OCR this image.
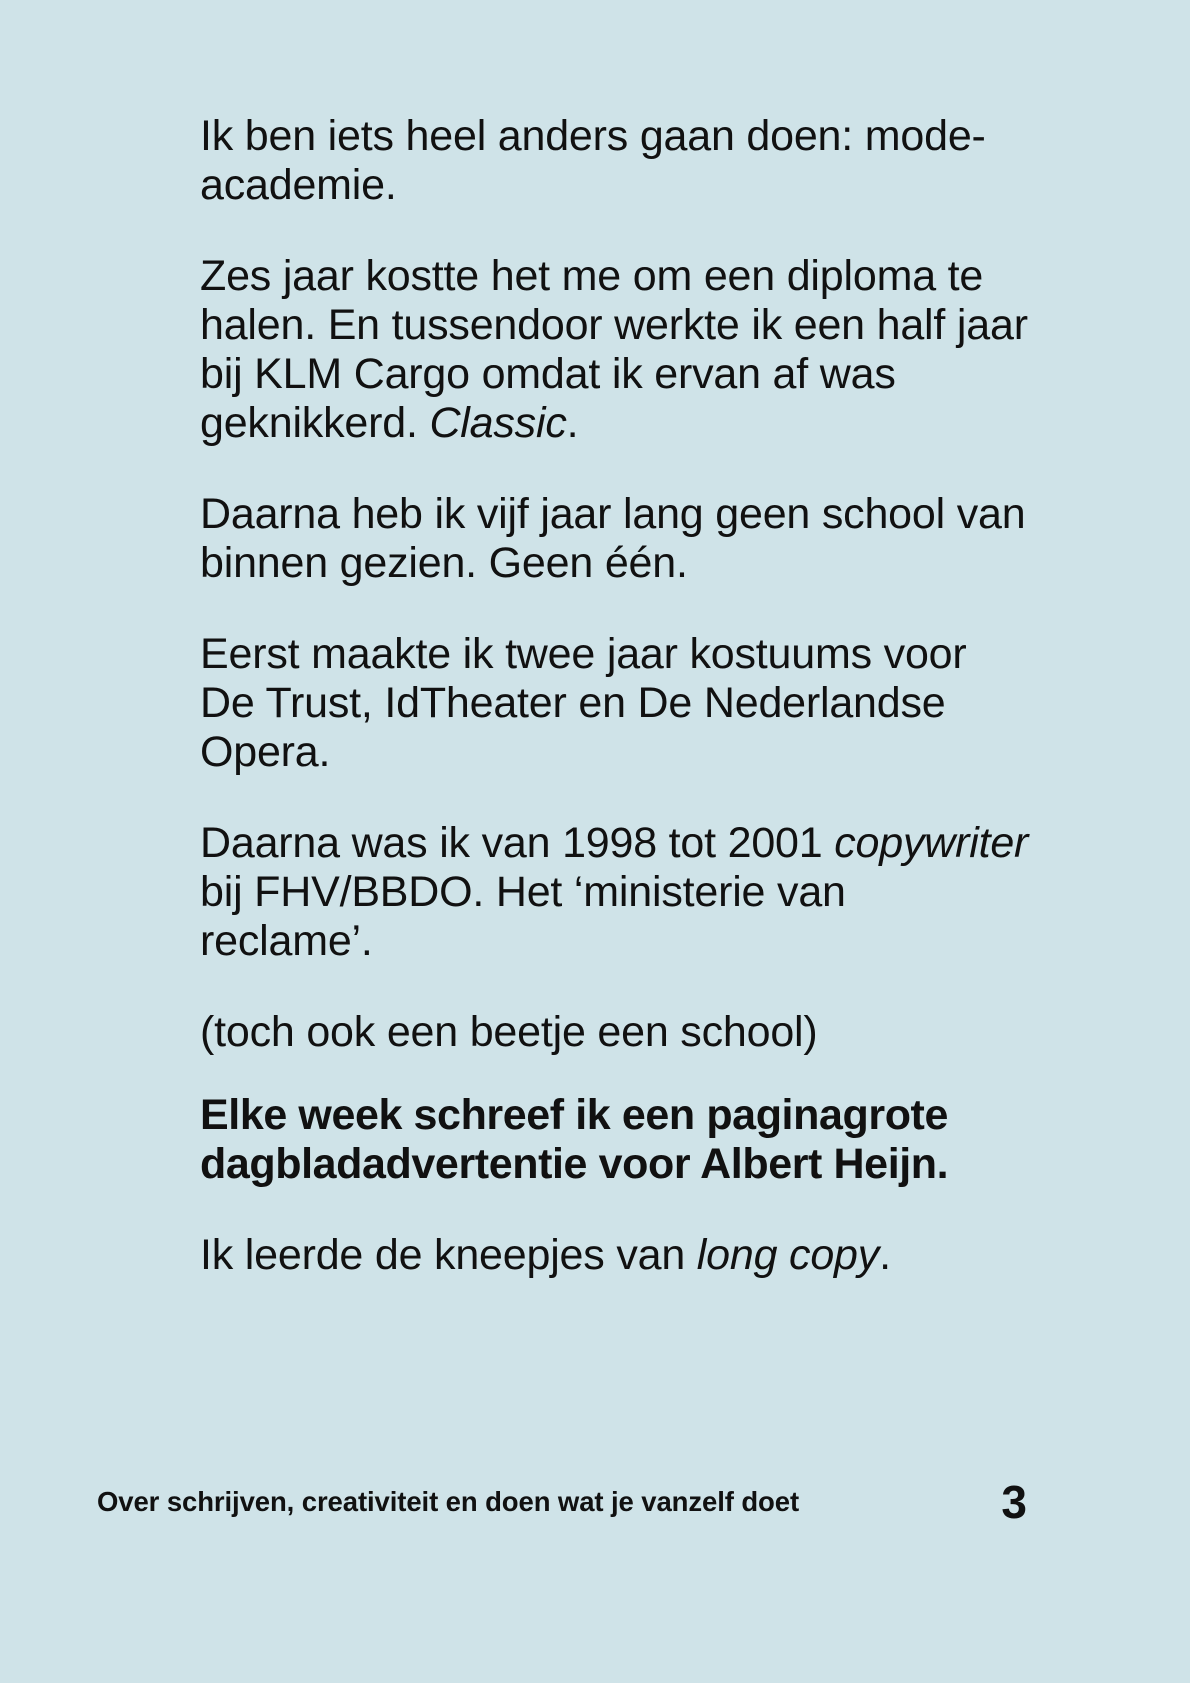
Ik ben iets heel anders gaan doen: mode-academie.

Zes jaar kostte het me om een diploma te halen. En tussendoor werkte ik een half jaar bij KLM Cargo omdat ik ervan af was geknikkerd. Classic.

Daarna heb ik vijf jaar lang geen school van binnen gezien. Geen één.

Eerst maakte ik twee jaar kostuums voor De Trust, IdTheater en De Nederlandse Opera.

Daarna was ik van 1998 tot 2001 copywriter bij FHV/BBDO. Het ‘ministerie van reclame’.

(toch ook een beetje een school)

Elke week schreef ik een paginagrote dagbladadvertentie voor Albert Heijn.

Ik leerde de kneepjes van long copy.

Over schrijven, creativiteit en doen wat je vanzelf doet	3
